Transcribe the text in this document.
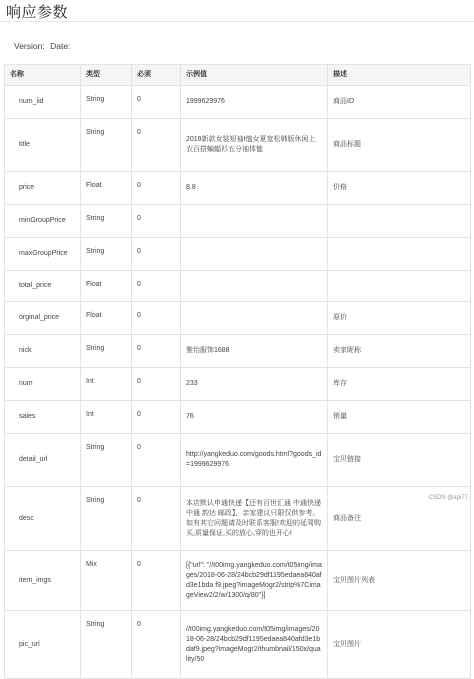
响应参数
Version: Date:
名称	类型	必须	示例值	描述
num_iid	String	0	1999629976	商品ID
title	String	0	2019新款女装短袖t恤女夏宽松韩版休闲上衣百搭蝙蝠衫五分袖体恤	商品标题
price	Float	0	8.8	价格
minGroupPrice	String	0		
maxGroupPrice	String	0		
total_price	Float	0		
orginal_price	Float	0		原价
nick	String	0	雅怡服饰1688	卖家昵称
num	Int	0	233	库存
sales	Int	0	76	销量
detail_url	String	0	http://yangkeduo.com/goods.html?goods_id=1999629976	宝贝链接
desc	String	0	本店默认申通快递【还有百世汇通 中通快递 中通 韵达 邮政】，亲家建议只限仅供参考。如有其它问题请及时联系客服!欢迎的延驾购买,质量保证,买的放心,穿的也开心!	商品备注
item_imgs	Mix	0	[{"url": "//t00img.yangkeduo.com/t05img/images/2018-06-28/24bcb29df1195edaea840afd3e1bda f9.jpeg?imageMogr2/strip%7CimageView2/2/w/1300/q/80"}]	宝贝图片列表
pic_url	String	0	//t00img.yangkeduo.com/t05img/images/2018-06-28/24bcb29df1195edaea840afd3e1bdaf9.jpeg?imageMogr2/thumbnail/150x/quality/50	宝贝图片
CSDN @api77
